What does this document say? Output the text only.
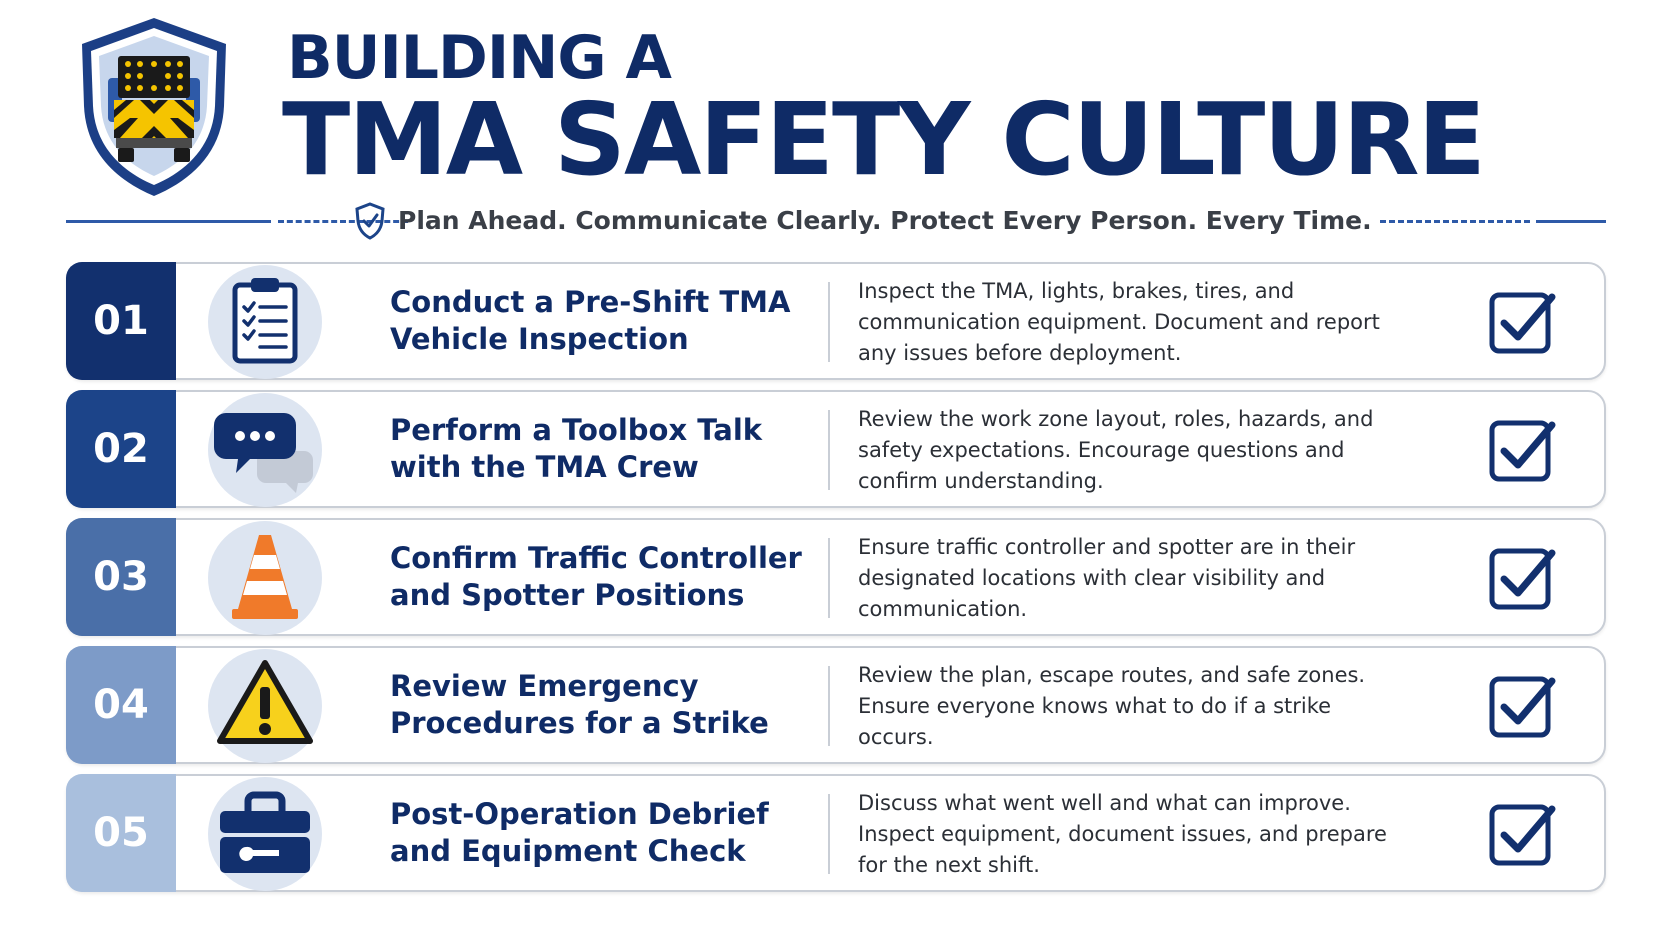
BUILDING A
TMA SAFETY CULTURE
Plan Ahead. Communicate Clearly. Protect Every Person. Every Time.
01	Conduct a Pre-Shift TMA Vehicle Inspection
Inspect the TMA, lights, brakes, tires, and communication equipment. Document and report any issues before deployment.
02	Perform a Toolbox Talk with the TMA Crew
Review the work zone layout, roles, hazards, and safety expectations. Encourage questions and confirm understanding.
03	Confirm Traffic Controller and Spotter Positions
Ensure traffic controller and spotter are in their designated locations with clear visibility and communication.
04	Review Emergency Procedures for a Strike
Review the plan, escape routes, and safe zones. Ensure everyone knows what to do if a strike occurs.
05	Post-Operation Debrief and Equipment Check
Discuss what went well and what can improve. Inspect equipment, document issues, and prepare for the next shift.
